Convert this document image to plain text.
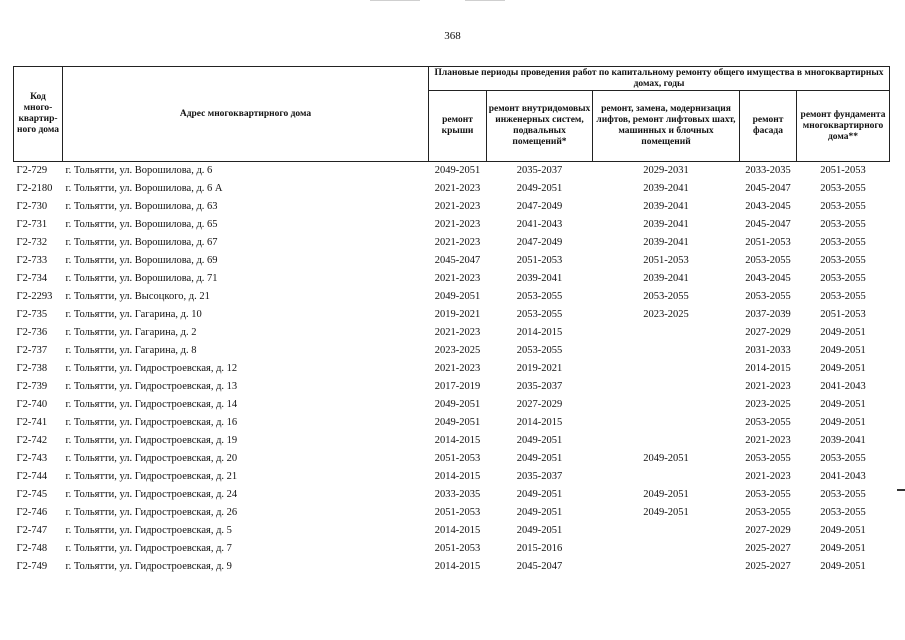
368
Код много-квартир-ного дома	Адрес многоквартирного дома	Плановые периоды проведения работ по капитальному ремонту общего имущества в многоквартирных домах, годы				
		ремонт крыши	ремонт внутридомовых инженерных систем, подвальных помещений*	ремонт, замена, модернизация лифтов, ремонт лифтовых шахт, машинных и блочных помещений	ремонт фасада	ремонт фундамента многоквартирного дома**
Г2-729	г. Тольятти, ул. Ворошилова, д. 6	2049-2051	2035-2037	2029-2031	2033-2035	2051-2053
Г2-2180	г. Тольятти, ул. Ворошилова, д. 6 А	2021-2023	2049-2051	2039-2041	2045-2047	2053-2055
Г2-730	г. Тольятти, ул. Ворошилова, д. 63	2021-2023	2047-2049	2039-2041	2043-2045	2053-2055
Г2-731	г. Тольятти, ул. Ворошилова, д. 65	2021-2023	2041-2043	2039-2041	2045-2047	2053-2055
Г2-732	г. Тольятти, ул. Ворошилова, д. 67	2021-2023	2047-2049	2039-2041	2051-2053	2053-2055
Г2-733	г. Тольятти, ул. Ворошилова, д. 69	2045-2047	2051-2053	2051-2053	2053-2055	2053-2055
Г2-734	г. Тольятти, ул. Ворошилова, д. 71	2021-2023	2039-2041	2039-2041	2043-2045	2053-2055
Г2-2293	г. Тольятти, ул. Высоцкого, д. 21	2049-2051	2053-2055	2053-2055	2053-2055	2053-2055
Г2-735	г. Тольятти, ул. Гагарина, д. 10	2019-2021	2053-2055	2023-2025	2037-2039	2051-2053
Г2-736	г. Тольятти, ул. Гагарина, д. 2	2021-2023	2014-2015		2027-2029	2049-2051
Г2-737	г. Тольятти, ул. Гагарина, д. 8	2023-2025	2053-2055		2031-2033	2049-2051
Г2-738	г. Тольятти, ул. Гидростроевская, д. 12	2021-2023	2019-2021		2014-2015	2049-2051
Г2-739	г. Тольятти, ул. Гидростроевская, д. 13	2017-2019	2035-2037		2021-2023	2041-2043
Г2-740	г. Тольятти, ул. Гидростроевская, д. 14	2049-2051	2027-2029		2023-2025	2049-2051
Г2-741	г. Тольятти, ул. Гидростроевская, д. 16	2049-2051	2014-2015		2053-2055	2049-2051
Г2-742	г. Тольятти, ул. Гидростроевская, д. 19	2014-2015	2049-2051		2021-2023	2039-2041
Г2-743	г. Тольятти, ул. Гидростроевская, д. 20	2051-2053	2049-2051	2049-2051	2053-2055	2053-2055
Г2-744	г. Тольятти, ул. Гидростроевская, д. 21	2014-2015	2035-2037		2021-2023	2041-2043
Г2-745	г. Тольятти, ул. Гидростроевская, д. 24	2033-2035	2049-2051	2049-2051	2053-2055	2053-2055
Г2-746	г. Тольятти, ул. Гидростроевская, д. 26	2051-2053	2049-2051	2049-2051	2053-2055	2053-2055
Г2-747	г. Тольятти, ул. Гидростроевская, д. 5	2014-2015	2049-2051		2027-2029	2049-2051
Г2-748	г. Тольятти, ул. Гидростроевская, д. 7	2051-2053	2015-2016		2025-2027	2049-2051
Г2-749	г. Тольятти, ул. Гидростроевская, д. 9	2014-2015	2045-2047		2025-2027	2049-2051
